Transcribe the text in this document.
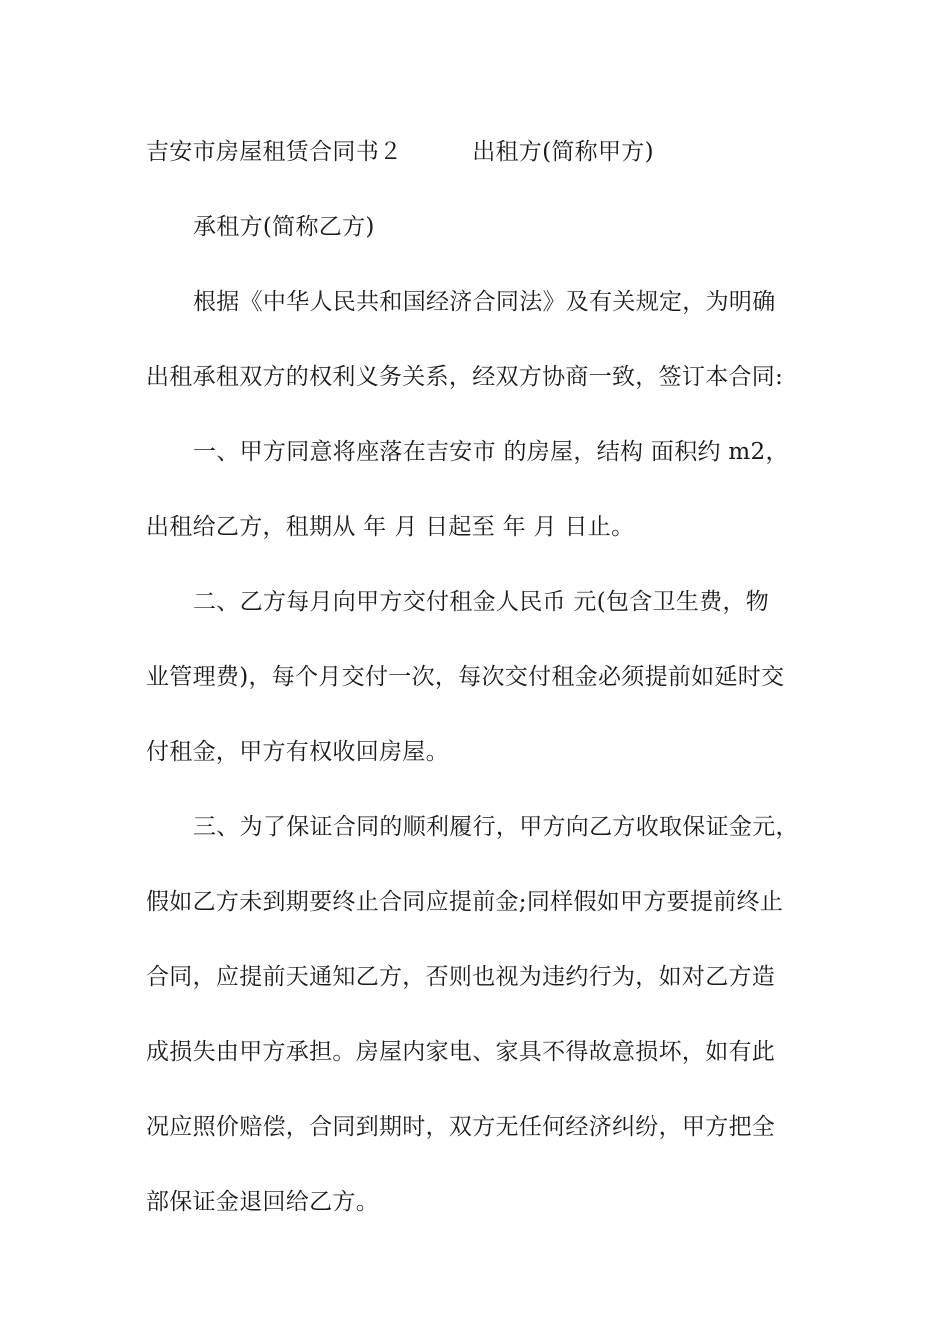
吉安市房屋租赁合同书２　　　出租方(简称甲方)
承租方(简称乙方)
根据《中华人民共和国经济合同法》及有关规定，为明确
出租承租双方的权利义务关系，经双方协商一致，签订本合同:
一、甲方同意将座落在吉安市 的房屋，结构 面积约 m2，
出租给乙方，租期从 年 月 日起至 年 月 日止。
二、乙方每月向甲方交付租金人民币 元(包含卫生费，物
业管理费)，每个月交付一次，每次交付租金必须提前如延时交
付租金，甲方有权收回房屋。
三、为了保证合同的顺利履行，甲方向乙方收取保证金元，
假如乙方未到期要终止合同应提前金;同样假如甲方要提前终止
合同，应提前天通知乙方，否则也视为违约行为，如对乙方造
成损失由甲方承担。房屋内家电、家具不得故意损坏，如有此
况应照价赔偿，合同到期时，双方无任何经济纠纷，甲方把全
部保证金退回给乙方。
